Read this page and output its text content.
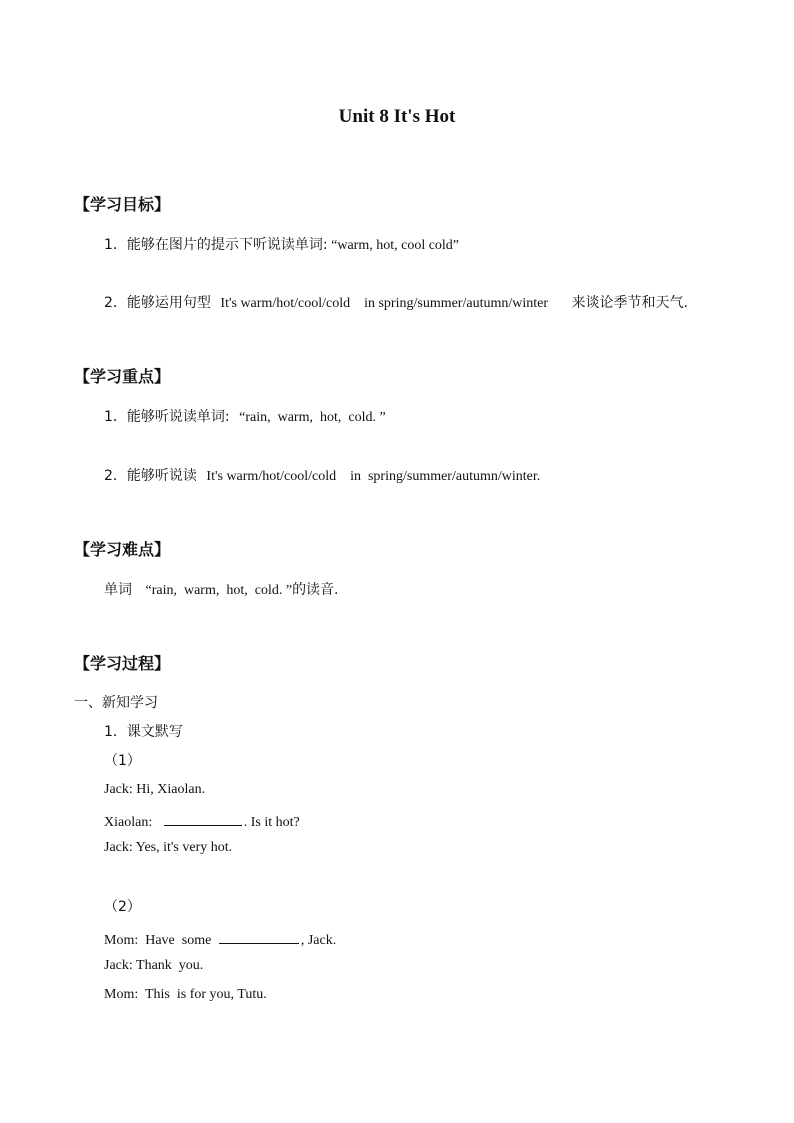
Unit 8 It's Hot
【学习目标】
1．能够在图片的提示下听说读单词: “warm, hot, cool cold”
2．能够运用句型 It's warm/hot/cool/cold    in spring/summer/autumn/winter 来谈论季节和天气.
【学习重点】
1．能够听说读单词: “rain,  warm,  hot,  cold. ”
2．能够听说读 It's warm/hot/cool/cold    in  spring/summer/autumn/winter.
【学习难点】
单词 “rain,  warm,  hot,  cold. ”的读音.
【学习过程】
一、新知学习
1．课文默写
（1）
Jack: Hi, Xiaolan.
Xiaolan:	. Is it hot?
Jack: Yes, it's very hot.
（2）
Mom:  Have  some	, Jack.
Jack: Thank  you.
Mom:  This  is for you, Tutu.
